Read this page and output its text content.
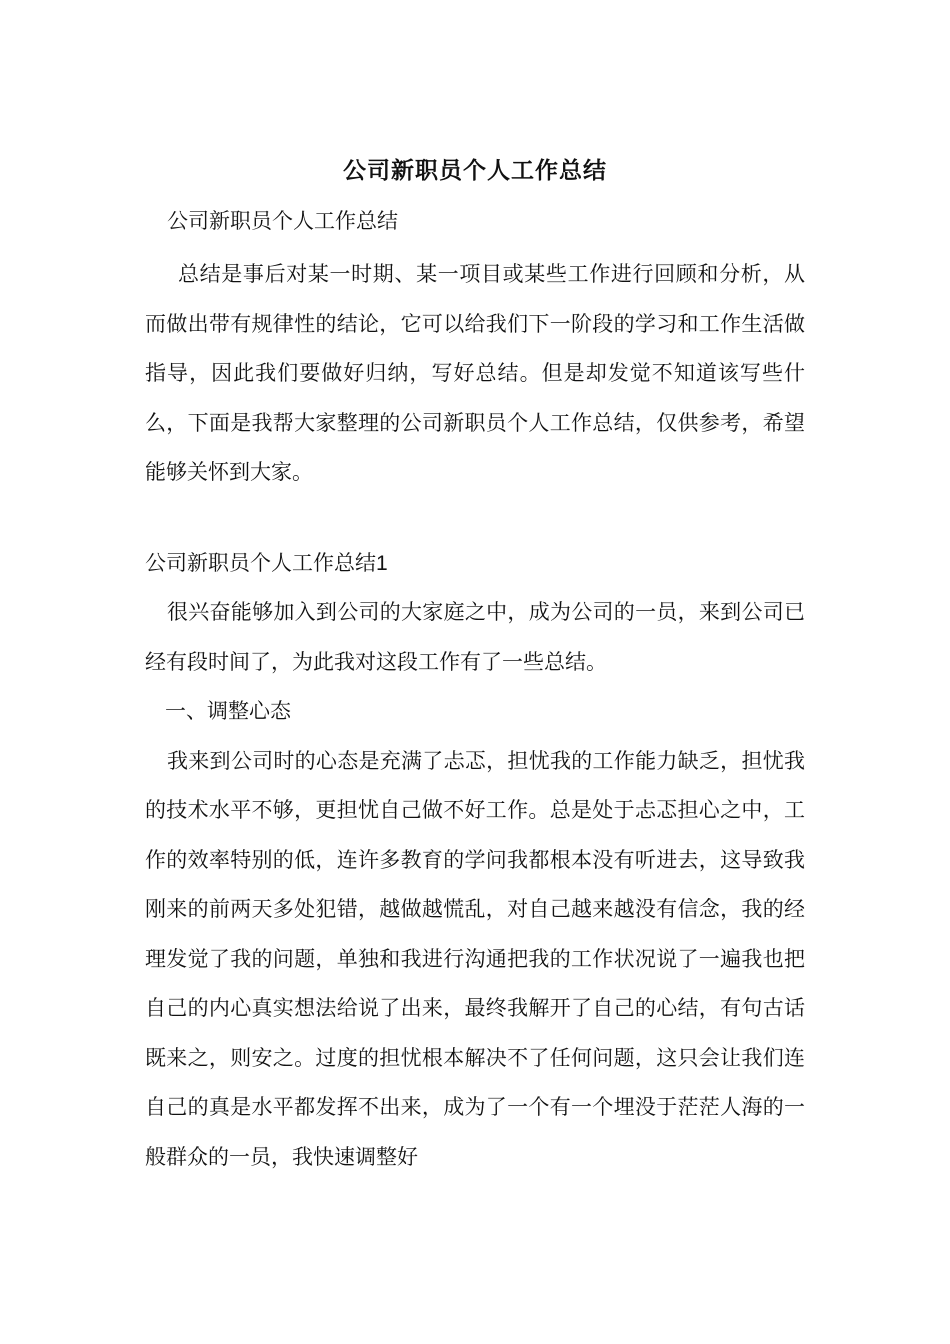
公司新职员个人工作总结
公司新职员个人工作总结

总结是事后对某一时期、某一项目或某些工作进行回顾和分析，从而做出带有规律性的结论，它可以给我们下一阶段的学习和工作生活做指导，因此我们要做好归纳，写好总结。但是却发觉不知道该写些什么，下面是我帮大家整理的公司新职员个人工作总结，仅供参考，希望能够关怀到大家。

公司新职员个人工作总结1

很兴奋能够加入到公司的大家庭之中，成为公司的一员，来到公司已经有段时间了，为此我对这段工作有了一些总结。

一、调整心态

我来到公司时的心态是充满了忐忑，担忧我的工作能力缺乏，担忧我的技术水平不够，更担忧自己做不好工作。总是处于忐忑担心之中，工作的效率特别的低，连许多教育的学问我都根本没有听进去，这导致我刚来的前两天多处犯错，越做越慌乱，对自己越来越没有信念，我的经理发觉了我的问题，单独和我进行沟通把我的工作状况说了一遍我也把自己的内心真实想法给说了出来，最终我解开了自己的心结，有句古话既来之，则安之。过度的担忧根本解决不了任何问题，这只会让我们连自己的真是水平都发挥不出来，成为了一个有一个埋没于茫茫人海的一般群众的一员，我快速调整好
